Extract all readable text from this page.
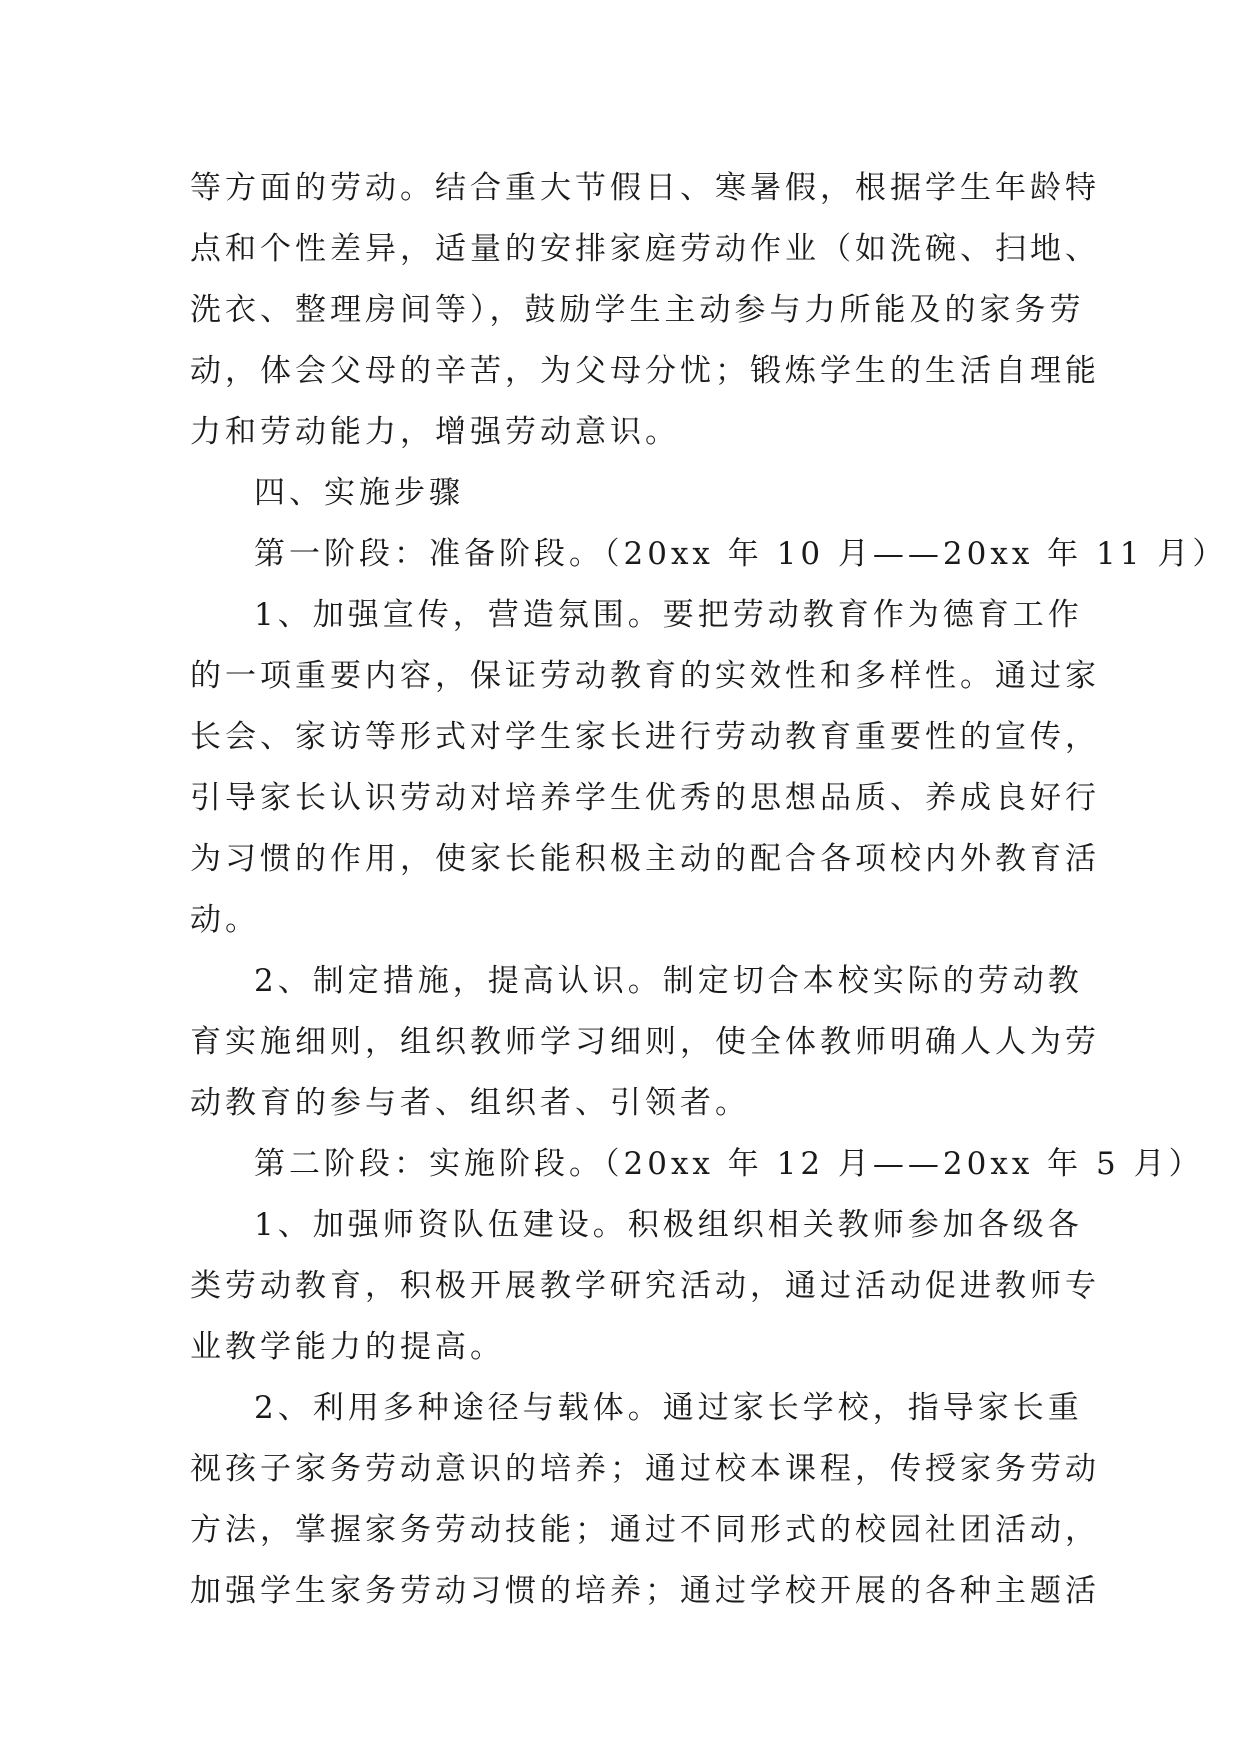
等方面的劳动。结合重大节假日、寒暑假，根据学生年龄特
点和个性差异，适量的安排家庭劳动作业（如洗碗、扫地、
洗衣、整理房间等），鼓励学生主动参与力所能及的家务劳
动，体会父母的辛苦，为父母分忧；锻炼学生的生活自理能
力和劳动能力，增强劳动意识。
四、实施步骤
第一阶段：准备阶段。（20xx 年 10 月——20xx 年 11 月）
1、加强宣传，营造氛围。要把劳动教育作为德育工作
的一项重要内容，保证劳动教育的实效性和多样性。通过家
长会、家访等形式对学生家长进行劳动教育重要性的宣传，
引导家长认识劳动对培养学生优秀的思想品质、养成良好行
为习惯的作用，使家长能积极主动的配合各项校内外教育活
动。
2、制定措施，提高认识。制定切合本校实际的劳动教
育实施细则，组织教师学习细则，使全体教师明确人人为劳
动教育的参与者、组织者、引领者。
第二阶段：实施阶段。（20xx 年 12 月——20xx 年 5 月）
1、加强师资队伍建设。积极组织相关教师参加各级各
类劳动教育，积极开展教学研究活动，通过活动促进教师专
业教学能力的提高。
2、利用多种途径与载体。通过家长学校，指导家长重
视孩子家务劳动意识的培养；通过校本课程，传授家务劳动
方法，掌握家务劳动技能；通过不同形式的校园社团活动，
加强学生家务劳动习惯的培养；通过学校开展的各种主题活
